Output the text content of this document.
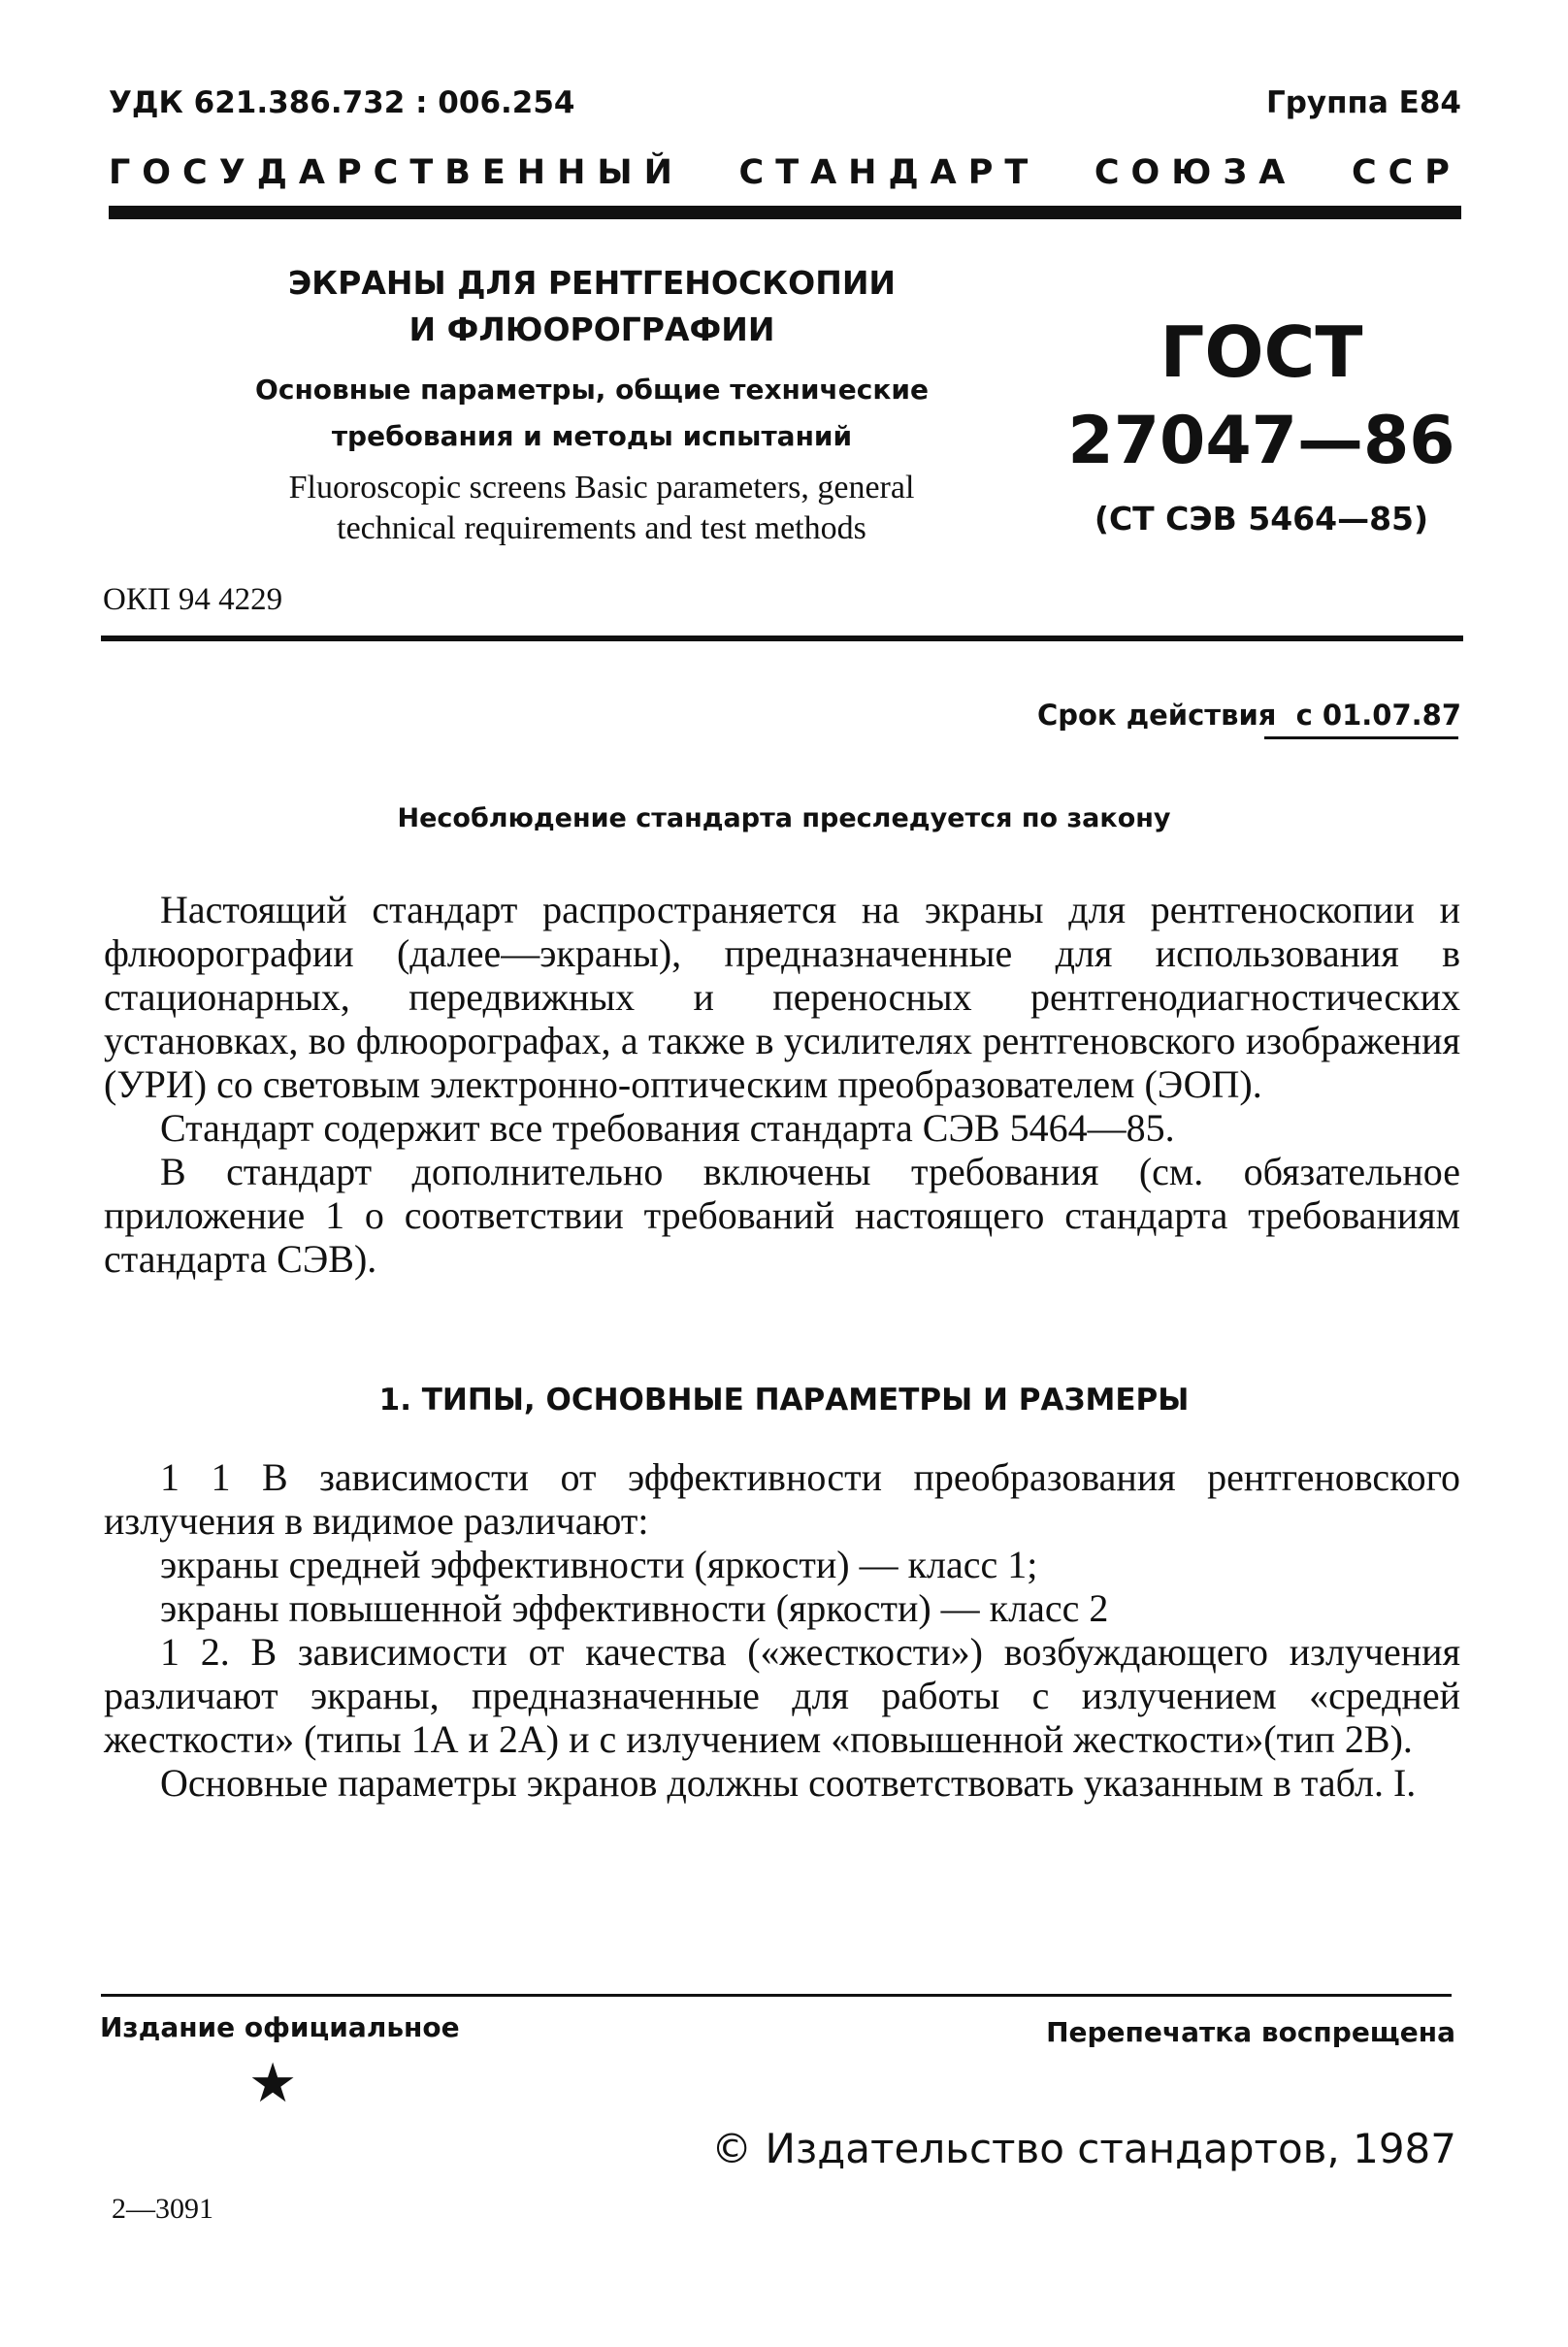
УДК 621.386.732 : 006.254	Группа Е84
ГОСУДАРСТВЕННЫЙ СТАНДАРТ СОЮЗА ССР
ЭКРАНЫ ДЛЯ РЕНТГЕНОСКОПИИ
И ФЛЮОРОГРАФИИ
Основные параметры, общие технические
требования и методы испытаний
Fluoroscopic screens Basic parameters, general
technical requirements and test methods
ГОСТ
27047—86
(СТ СЭВ 5464—85)
ОКП 94 4229
Срок действия  с 01.07.87
Несоблюдение стандарта преследуется по закону

Настоящий стандарт распространяется на экраны для рентгеноскопии и флюорографии (далее—экраны), предназначенные для использования в стационарных, передвижных и переносных рентгенодиагностических установках, во флюорографах, а также в усилителях рентгеновского изображения (УРИ) со световым электронно-оптическим преобразователем (ЭОП).

Стандарт содержит все требования стандарта СЭВ 5464—85.

В стандарт дополнительно включены требования (см. обязательное приложение 1 о соответствии требований настоящего стандарта требованиям стандарта СЭВ).

1. ТИПЫ, ОСНОВНЫЕ ПАРАМЕТРЫ И РАЗМЕРЫ

1 1 В зависимости от эффективности преобразования рентгеновского излучения в видимое различают:

экраны средней эффективности (яркости) — класс 1;

экраны повышенной эффективности (яркости) — класс 2

1 2. В зависимости от качества («жесткости») возбуждающего излучения различают экраны, предназначенные для работы с излучением «средней жесткости» (типы 1А и 2А) и с излучением «повышенной жесткости»(тип 2В).

Основные параметры экранов должны соответствовать указанным в табл. I.

Издание официальное	Перепечатка воспрещена
★
© Издательство стандартов, 1987
2—3091
